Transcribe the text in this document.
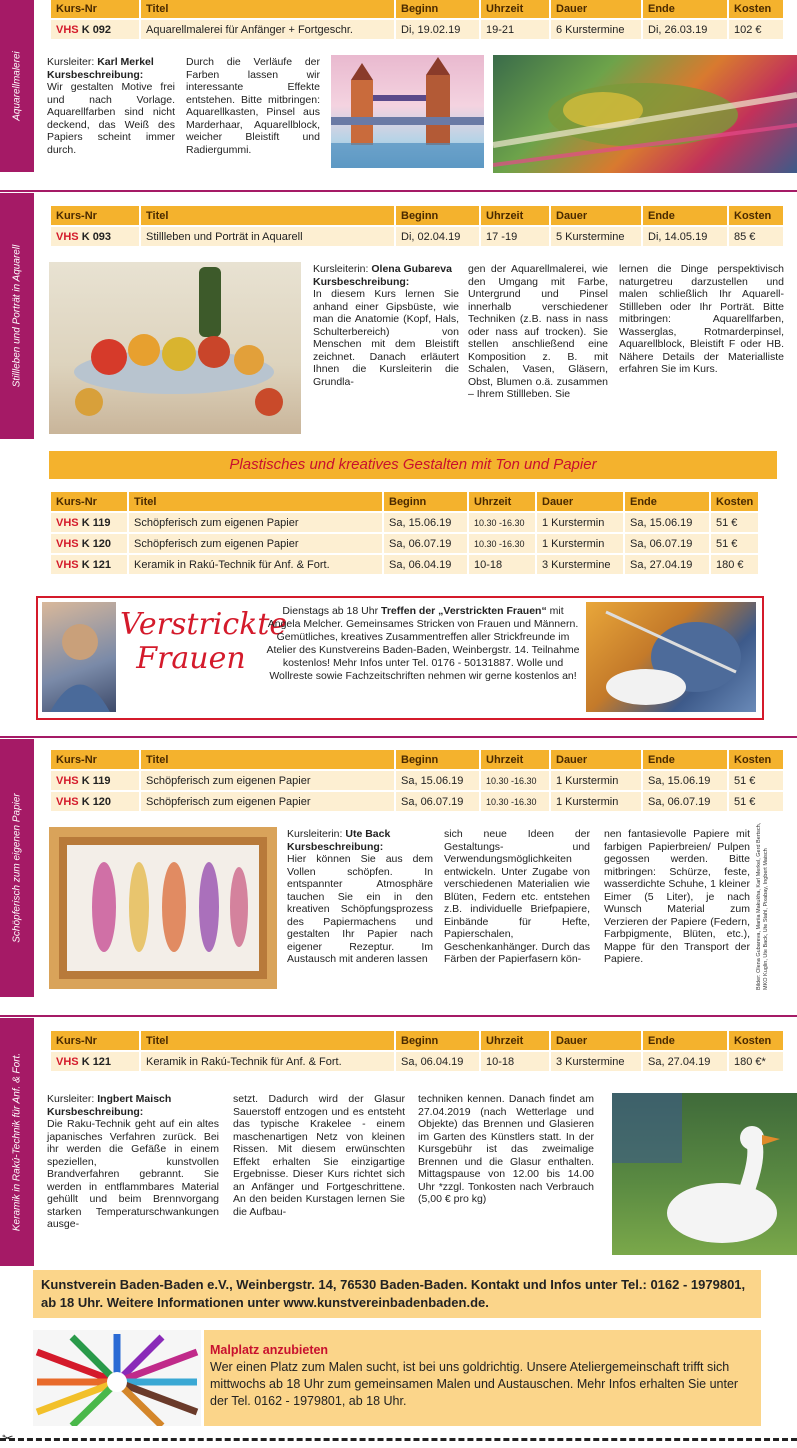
Aquarellmalerei
Kurs-Nr	Titel	Beginn	Uhrzeit	Dauer	Ende	Kosten
VHS K 092	Aquarellmalerei für Anfänger + Fortgeschr.	Di, 19.02.19	19-21	6 Kurstermine	Di, 26.03.19	102 €
Kursleiter: Karl Merkel
Kursbeschreibung:
Wir gestalten Motive frei und nach Vorlage. Aquarellfarben sind nicht deckend, das Weiß des Papiers scheint immer durch.
Durch die Verläufe der Farben lassen wir interessante Effekte entstehen. Bitte mitbringen: Aquarellkasten, Pinsel aus Marderhaar, Aquarellblock, weicher Bleistift und Radiergummi.
Stillleben und Porträt in Aquarell
Kurs-Nr	Titel	Beginn	Uhrzeit	Dauer	Ende	Kosten
VHS K 093	Stillleben und Porträt in Aquarell	Di, 02.04.19	17 -19	5 Kurstermine	Di, 14.05.19	85 €
Kursleiterin: Olena Gubareva
Kursbeschreibung:
In diesem Kurs lernen Sie anhand einer Gipsbüste, wie man die Anatomie (Kopf, Hals, Schulterbereich) von Menschen mit dem Bleistift zeichnet. Danach erläutert Ihnen die Kursleiterin die Grundla-
gen der Aquarellmalerei, wie den Umgang mit Farbe, Untergrund und Pinsel innerhalb verschiedener Techniken (z.B. nass in nass oder nass auf trocken). Sie stellen anschließend eine Komposition z. B. mit Schalen, Vasen, Gläsern, Obst, Blumen o.ä. zusammen – Ihrem Stillleben. Sie
lernen die Dinge perspektivisch naturgetreu darzustellen und malen schließlich Ihr Aquarell-Stillleben oder Ihr Porträt. Bitte mitbringen: Aquarellfarben, Wasserglas, Rotmarderpinsel, Aquarellblock, Bleistift F oder HB. Nähere Details der Materialliste erfahren Sie im Kurs.
Plastisches und kreatives Gestalten mit Ton und Papier
Kurs-Nr	Titel	Beginn	Uhrzeit	Dauer	Ende	Kosten
VHS K 119	Schöpferisch zum eigenen Papier	Sa, 15.06.19	10.30 -16.30	1 Kurstermin	Sa, 15.06.19	51 €
VHS K 120	Schöpferisch zum eigenen Papier	Sa, 06.07.19	10.30 -16.30	1 Kurstermin	Sa, 06.07.19	51 €
VHS K 121	Keramik in Rakú-Technik für Anf. & Fort.	Sa, 06.04.19	10-18	3 Kurstermine	Sa, 27.04.19	180 €
Verstrickte
Frauen
Dienstags ab 18 Uhr Treffen der „Verstrickten Frauen“ mit Angela Melcher. Gemeinsames Stricken von Frauen und Männern. Gemütliches, kreatives Zusammentreffen aller Strickfreunde im Atelier des Kunstvereins Baden-Baden, Weinbergstr. 14. Teilnahme kostenlos! Mehr Infos unter Tel. 0176 - 50131887. Wolle und Wollreste sowie Fachzeitschriften nehmen wir gerne kostenlos an!
Schöpferisch zum eigenen Papier
Kurs-Nr	Titel	Beginn	Uhrzeit	Dauer	Ende	Kosten
VHS K 119	Schöpferisch zum eigenen Papier	Sa, 15.06.19	10.30 -16.30	1 Kurstermin	Sa, 15.06.19	51 €
VHS K 120	Schöpferisch zum eigenen Papier	Sa, 06.07.19	10.30 -16.30	1 Kurstermin	Sa, 06.07.19	51 €
Kursleiterin: Ute Back
Kursbeschreibung:
Hier können Sie aus dem Vollen schöpfen. In entspannter Atmosphäre tauchen Sie ein in den kreativen Schöpfungsprozess des Papiermachens und gestalten Ihr Papier nach eigener Rezeptur. Im Austausch mit anderen lassen
sich neue Ideen der Gestaltungs- und Verwendungsmöglichkeiten entwickeln. Unter Zugabe von verschiedenen Materialien wie Blüten, Federn etc. entstehen z.B. individuelle Briefpapiere, Einbände für Hefte, Papierschalen, Geschenkanhänger. Durch das Färben der Papierfasern kön-
nen fantasievolle Papiere mit farbigen Papierbreien/ Pulpen gegossen werden. Bitte mitbringen: Schürze, feste, wasserdichte Schuhe, 1 kleiner Eimer (5 Liter), je nach Wunsch Material zum Verzieren der Papiere (Federn, Farbpigmente, Blüten, etc.), Mappe für den Transport der Papiere.	Bilder: Olena Gubareva, Mariia Makukha, Karl Merkel, Gerd Bertsch, MKO Kuglin, Ute Back, Ute Stahl, Pixabay, Ingbert Maisch
Keramik in Rakú-Technik für Anf. & Fort.
Kurs-Nr	Titel	Beginn	Uhrzeit	Dauer	Ende	Kosten
VHS K 121	Keramik in Rakú-Technik für Anf. & Fort.	Sa, 06.04.19	10-18	3 Kurstermine	Sa, 27.04.19	180 €*
Kursleiter: Ingbert Maisch
Kursbeschreibung:
Die Raku-Technik geht auf ein altes japanisches Verfahren zurück. Bei ihr werden die Gefäße in einem speziellen, kunstvollen Brandverfahren gebrannt. Sie werden in entflammbares Material gehüllt und beim Brennvorgang starken Temperaturschwankungen ausge-
setzt. Dadurch wird der Glasur Sauerstoff entzogen und es entsteht das typische Krakelee - einem maschenartigen Netz von kleinen Rissen. Mit diesem erwünschten Effekt erhalten Sie einzigartige Ergebnisse. Dieser Kurs richtet sich an Anfänger und Fortgeschrittene. An den beiden Kurstagen lernen Sie die Aufbau-
techniken kennen. Danach findet am 27.04.2019 (nach Wetterlage und Objekte) das Brennen und Glasieren im Garten des Künstlers statt. In der Kursgebühr ist das zweimalige Brennen und die Glasur enthalten. Mittagspause von 12.00 bis 14.00 Uhr *zzgl. Tonkosten nach Verbrauch (5,00 € pro kg)
Kunstverein Baden-Baden e.V., Weinbergstr. 14, 76530 Baden-Baden. Kontakt und Infos unter Tel.: 0162 - 1979801, ab 18 Uhr. Weitere Informationen unter www.kunstvereinbadenbaden.de.
Malplatz anzubieten
Wer einen Platz zum Malen sucht, ist bei uns goldrichtig. Unsere Ateliergemeinschaft trifft sich mittwochs ab 18 Uhr zum gemeinsamen Malen und Austauschen. Mehr Infos erhalten Sie unter der Tel. 0162 - 1979801, ab 18 Uhr.
✂
